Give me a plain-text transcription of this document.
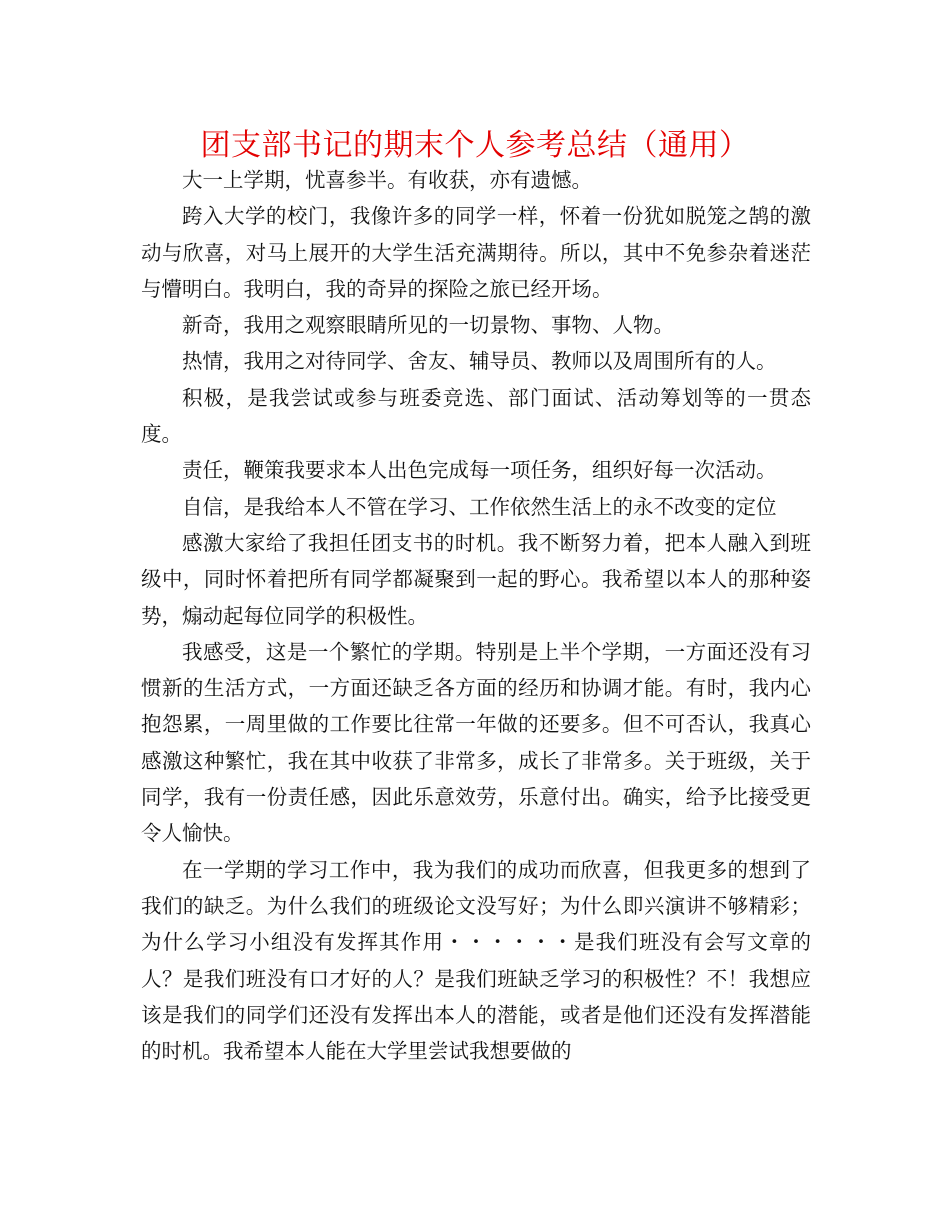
团支部书记的期末个人参考总结（通用）

大一上学期，忧喜参半。有收获，亦有遗憾。

跨入大学的校门，我像许多的同学一样，怀着一份犹如脱笼之鹄的激动与欣喜，对马上展开的大学生活充满期待。所以，其中不免参杂着迷茫与懵明白。我明白，我的奇异的探险之旅已经开场。

新奇，我用之观察眼睛所见的一切景物、事物、人物。

热情，我用之对待同学、舍友、辅导员、教师以及周围所有的人。

积极，是我尝试或参与班委竞选、部门面试、活动筹划等的一贯态度。

责任，鞭策我要求本人出色完成每一项任务，组织好每一次活动。

自信，是我给本人不管在学习、工作依然生活上的永不改变的定位

感激大家给了我担任团支书的时机。我不断努力着，把本人融入到班级中，同时怀着把所有同学都凝聚到一起的野心。我希望以本人的那种姿势，煽动起每位同学的积极性。

我感受，这是一个繁忙的学期。特别是上半个学期，一方面还没有习惯新的生活方式，一方面还缺乏各方面的经历和协调才能。有时，我内心抱怨累，一周里做的工作要比往常一年做的还要多。但不可否认，我真心感激这种繁忙，我在其中收获了非常多，成长了非常多。关于班级，关于同学，我有一份责任感，因此乐意效劳，乐意付出。确实，给予比接受更令人愉快。

在一学期的学习工作中，我为我们的成功而欣喜，但我更多的想到了我们的缺乏。为什么我们的班级论文没写好；为什么即兴演讲不够精彩；为什么学习小组没有发挥其作用・・・・・・是我们班没有会写文章的人？是我们班没有口才好的人？是我们班缺乏学习的积极性？不！我想应该是我们的同学们还没有发挥出本人的潜能，或者是他们还没有发挥潜能的时机。我希望本人能在大学里尝试我想要做的
